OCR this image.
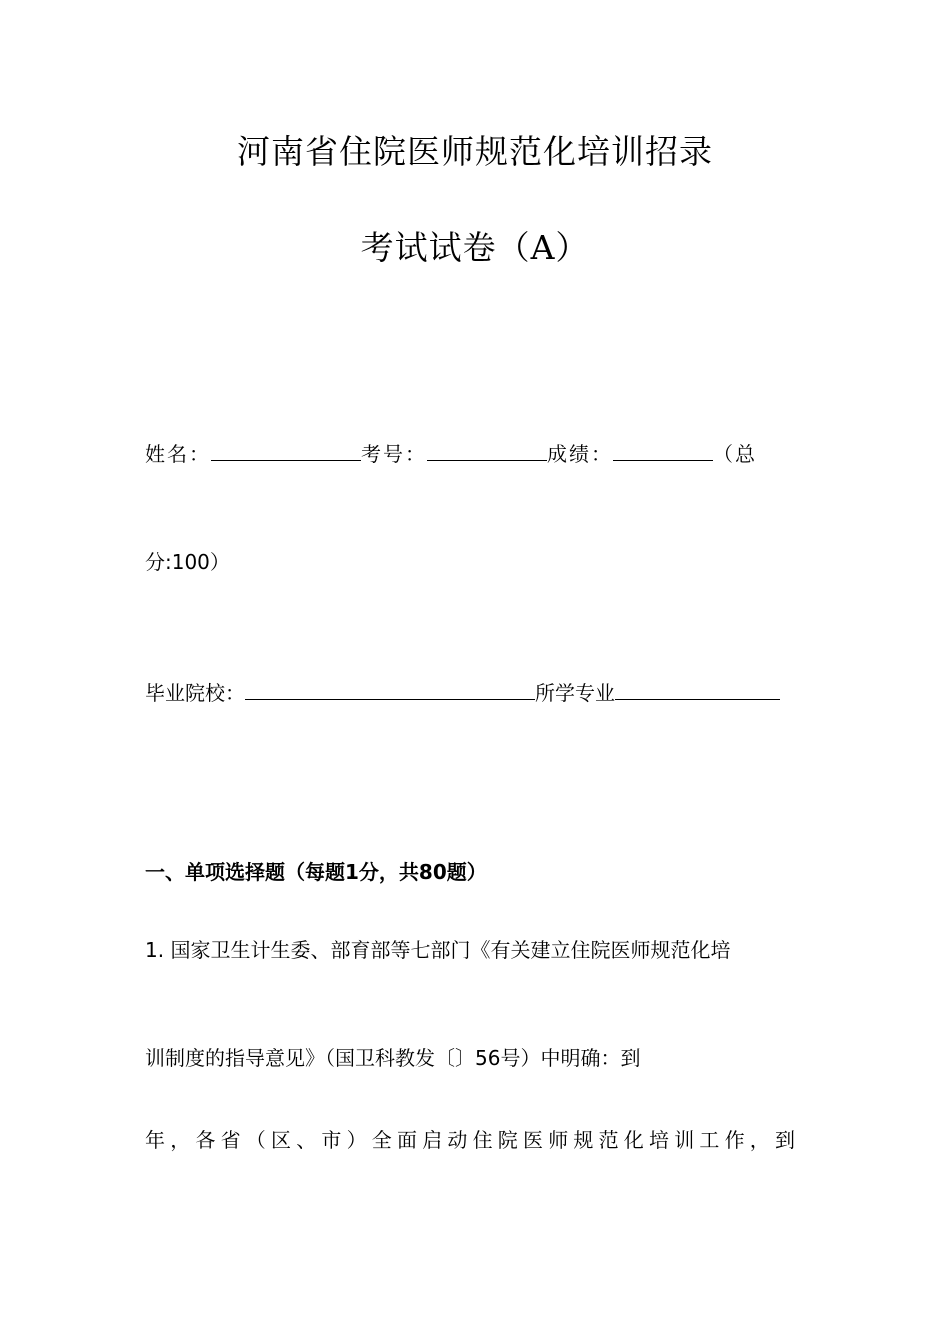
河南省住院医师规范化培训招录
考试试卷（A）
姓名：	考号：	成绩：	（总
分:100）
毕业院校：	所学专业
一、单项选择题（每题1分，共80题）
1. 国家卫生计生委、部育部等七部门《有关建立住院医师规范化培
训制度的指导意见》（国卫科教发〔〕56号）中明确：到
年，各省（区、市）全面启动住院医师规范化培训工作，到
